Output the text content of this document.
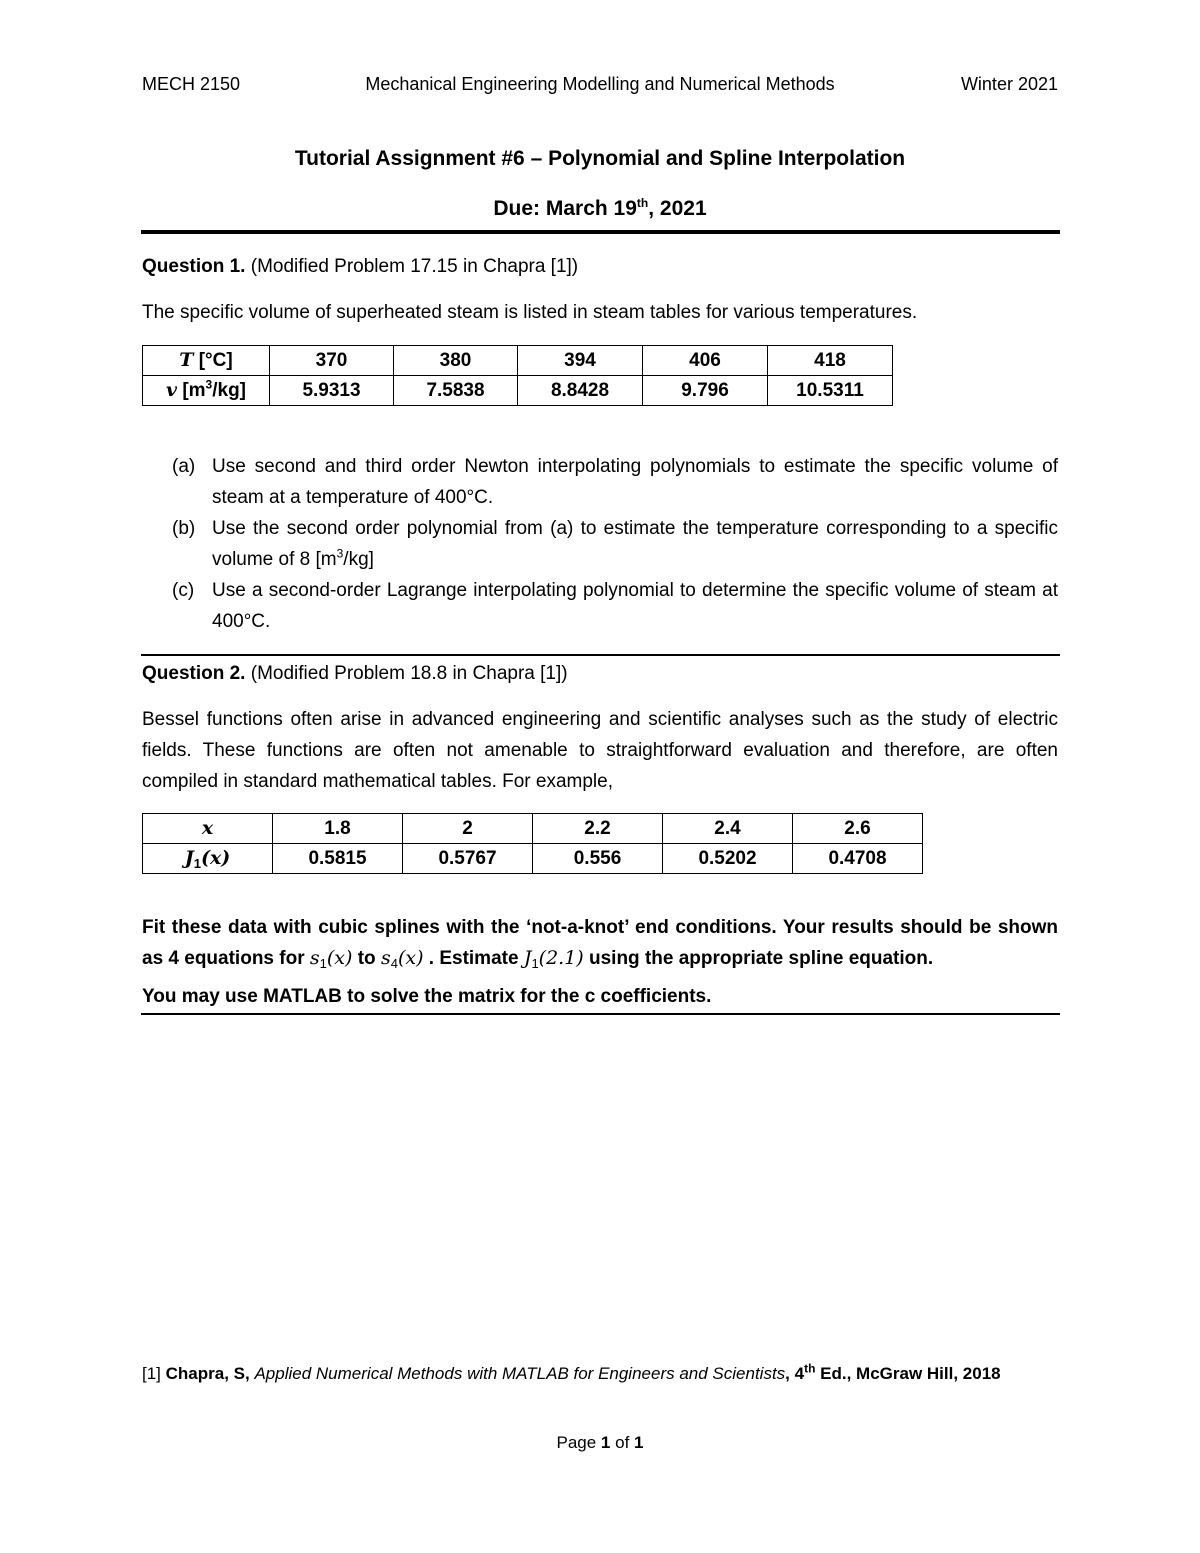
MECH 2150	Mechanical Engineering Modelling and Numerical Methods	Winter 2021
Tutorial Assignment #6 – Polynomial and Spline Interpolation
Due: March 19th, 2021
Question 1. (Modified Problem 17.15 in Chapra [1])
The specific volume of superheated steam is listed in steam tables for various temperatures.
T [°C]	370	380	394	406	418
v $[m^3/kg]$	5.9313	7.5838	8.8428	9.796	10.5311
(a) Use second and third order Newton interpolating polynomials to estimate the specific volume of steam at a temperature of 400°C.
(b) Use the second order polynomial from (a) to estimate the temperature corresponding to a specific volume of 8 $[m^3/kg]$
(c) Use a second-order Lagrange interpolating polynomial to determine the specific volume of steam at 400°C.
Question 2. (Modified Problem 18.8 in Chapra [1])
Bessel functions often arise in advanced engineering and scientific analyses such as the study of electric fields. These functions are often not amenable to straightforward evaluation and therefore, are often compiled in standard mathematical tables. For example,
x	1.8	2	2.2	2.4	2.6
$J_1(x)$	0.5815	0.5767	0.556	0.5202	0.4708
Fit these data with cubic splines with the ‘not-a-knot’ end conditions. Your results should be shown as 4 equations for $s_1(x)$ to $s_4(x)$ . Estimate $J_1(2.1)$ using the appropriate spline equation.
You may use MATLAB to solve the matrix for the c coefficients.
[1] Chapra, S, Applied Numerical Methods with MATLAB for Engineers and Scientists, 4th Ed., McGraw Hill, 2018
Page 1 of 1
